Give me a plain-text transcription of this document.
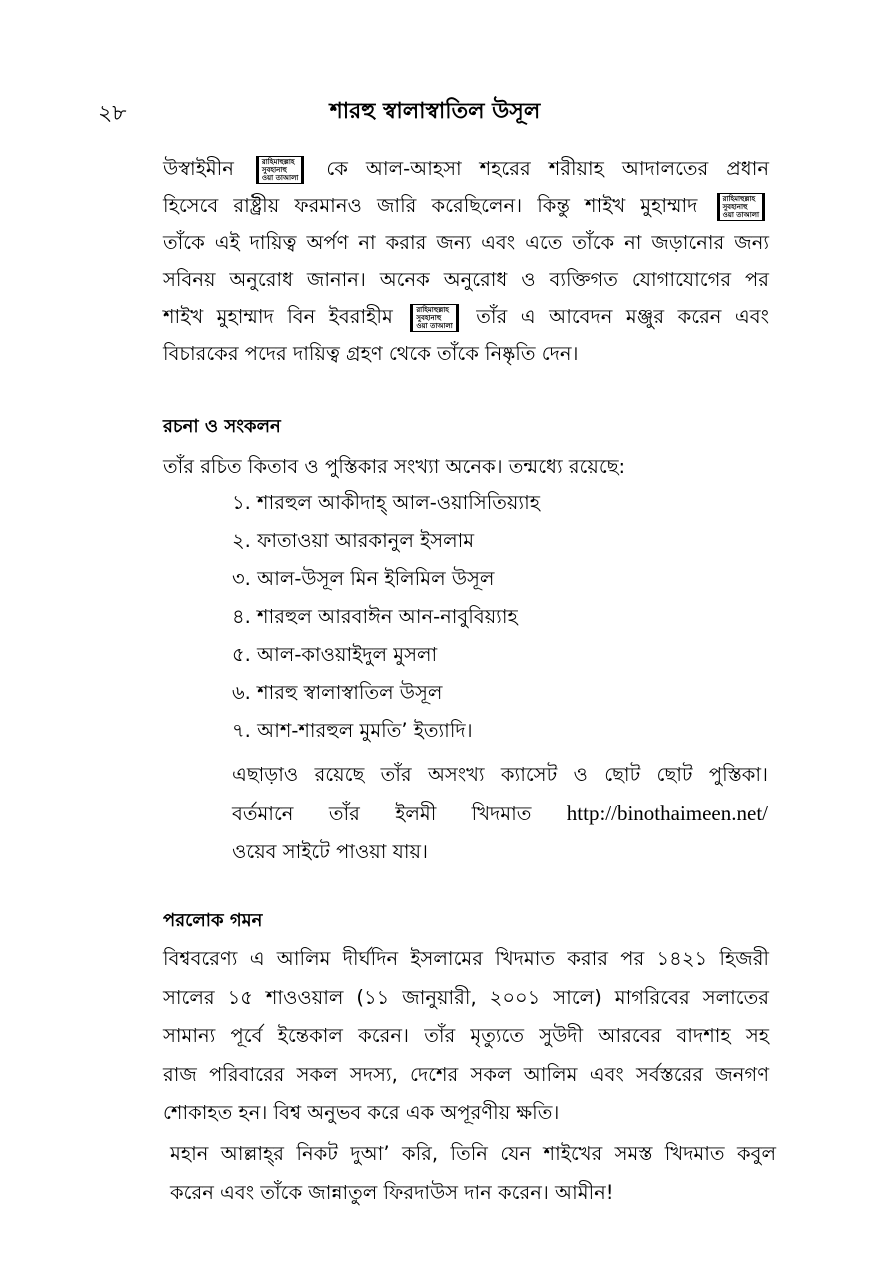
২৮	শারহু স্বালাস্বাতিল উসূল
উস্বাইমীন	রাহিমাহুল্লাহ
সুবহানাহু
ওয়া তাআলা কে আল-আহসা শহরের শরীয়াহ আদালতের প্রধান
হিসেবে রাষ্ট্রীয় ফরমানও জারি করেছিলেন। কিন্তু শাইখ মুহাম্মাদ	রাহিমাহুল্লাহ
সুবহানাহু
ওয়া তাআলা
তাঁকে এই দায়িত্ব অর্পণ না করার জন্য এবং এতে তাঁকে না জড়ানোর জন্য
সবিনয় অনুরোধ জানান। অনেক অনুরোধ ও ব্যক্তিগত যোগাযোগের পর
শাইখ মুহাম্মাদ বিন ইবরাহীম	রাহিমাহুল্লাহ
সুবহানাহু
ওয়া তাআলা তাঁর এ আবেদন মঞ্জুর করেন এবং
বিচারকের পদের দায়িত্ব গ্রহণ থেকে তাঁকে নিষ্কৃতি দেন।
রচনা ও সংকলন
তাঁর রচিত কিতাব ও পুস্তিকার সংখ্যা অনেক। তন্মধ্যে রয়েছে:
১. শারহুল আকীদাহ্ আল-ওয়াসিতিয়্যাহ
২. ফাতাওয়া আরকানুল ইসলাম
৩. আল-উসূল মিন ইলিমিল উসূল
৪. শারহুল আরবাঈন আন-নাবুবিয়্যাহ
৫. আল-কাওয়াইদুল মুসলা
৬. শারহু স্বালাস্বাতিল উসূল
৭. আশ-শারহুল মুমতি’ ইত্যাদি।
এছাড়াও রয়েছে তাঁর অসংখ্য ক্যাসেট ও ছোট ছোট পুস্তিকা।
বর্তমানে তাঁর ইলমী খিদমাত http://binothaimeen.net/
ওয়েব সাইটে পাওয়া যায়।
পরলোক গমন
বিশ্ববরেণ্য এ আলিম দীর্ঘদিন ইসলামের খিদমাত করার পর ১৪২১ হিজরী
সালের ১৫ শাওওয়াল (১১ জানুয়ারী, ২০০১ সালে) মাগরিবের সলাতের
সামান্য পূর্বে ইন্তেকাল করেন। তাঁর মৃত্যুতে সুউদী আরবের বাদশাহ সহ
রাজ পরিবারের সকল সদস্য, দেশের সকল আলিম এবং সর্বস্তরের জনগণ
শোকাহত হন। বিশ্ব অনুভব করে এক অপূরণীয় ক্ষতি।
মহান আল্লাহ্‌র নিকট দুআ’ করি, তিনি যেন শাইখের সমস্ত খিদমাত কবুল
করেন এবং তাঁকে জান্নাতুল ফিরদাউস দান করেন। আমীন!
